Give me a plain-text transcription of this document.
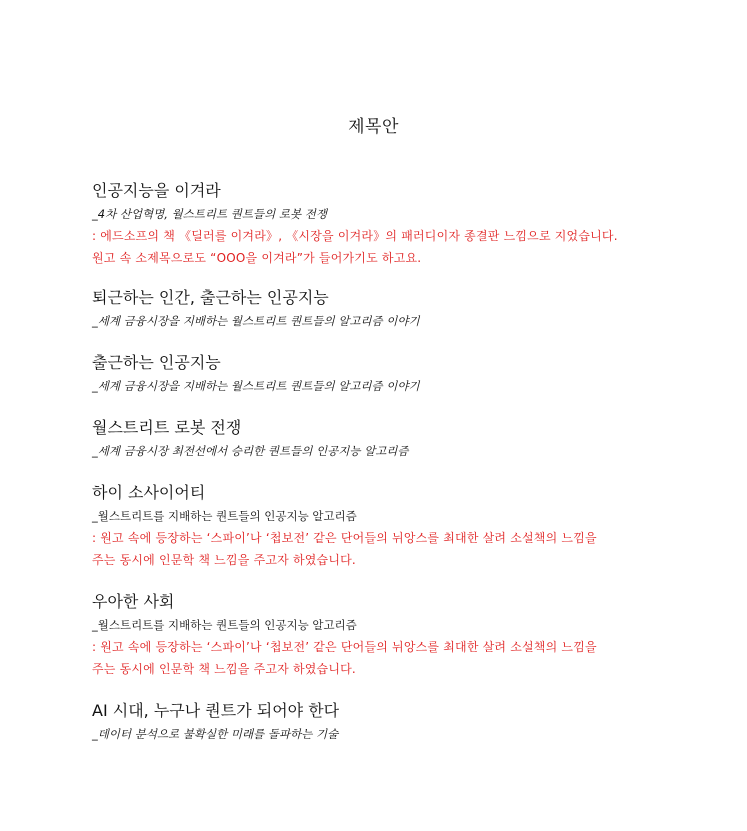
제목안
인공지능을 이겨라
_4차 산업혁명, 월스트리트 퀀트들의 로봇 전쟁

: 에드소프의 책 《딜러를 이겨라》, 《시장을 이겨라》의 패러디이자 종결판 느낌으로 지었습니다.

원고 속 소제목으로도 “OOO을 이겨라”가 들어가기도 하고요.

퇴근하는 인간, 출근하는 인공지능
_세계 금융시장을 지배하는 월스트리트 퀀트들의 알고리즘 이야기
출근하는 인공지능
_세계 금융시장을 지배하는 월스트리트 퀀트들의 알고리즘 이야기
월스트리트 로봇 전쟁
_세계 금융시장 최전선에서 승리한 퀀트들의 인공지능 알고리즘
하이 소사이어티
_월스트리트를 지배하는 퀀트들의 인공지능 알고리즘

: 원고 속에 등장하는 ‘스파이’나 ‘첩보전’ 같은 단어들의 뉘앙스를 최대한 살려 소설책의 느낌을

주는 동시에 인문학 책 느낌을 주고자 하였습니다.

우아한 사회
_월스트리트를 지배하는 퀀트들의 인공지능 알고리즘

: 원고 속에 등장하는 ‘스파이’나 ‘첩보전’ 같은 단어들의 뉘앙스를 최대한 살려 소설책의 느낌을

주는 동시에 인문학 책 느낌을 주고자 하였습니다.

AI 시대, 누구나 퀀트가 되어야 한다
_데이터 분석으로 불확실한 미래를 돌파하는 기술
